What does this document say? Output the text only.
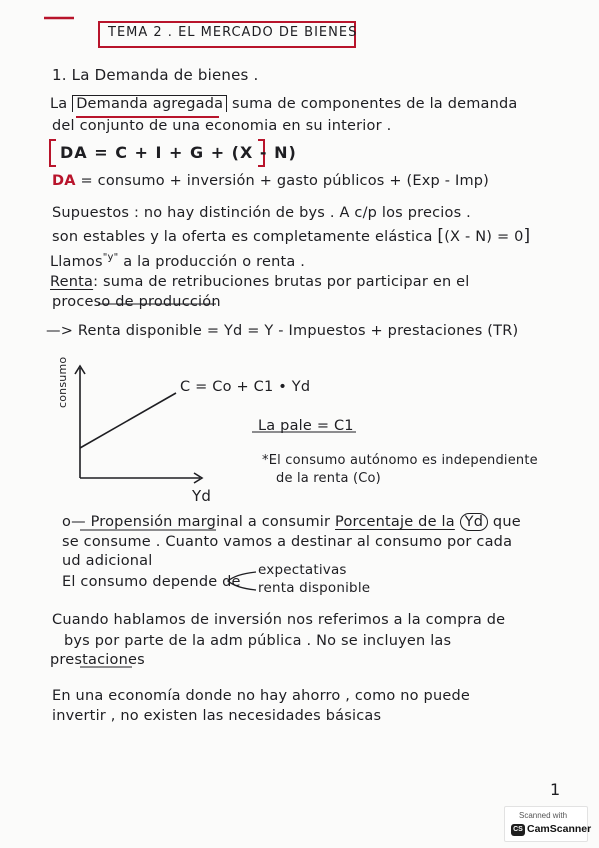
TEMA 2 . EL MERCADO DE BIENES
1. La Demanda de bienes .
La Demanda agregada suma de componentes de la demanda
del conjunto de una economia en su interior .
DA = C + I + G + (X - N)
DA = consumo + inversión + gasto públicos + (Exp - Imp)
Supuestos : no hay distinción de bys . A c/p los precios .
son estables y la oferta es completamente elástica [(X - N) = 0]
Llamos$^{"y"}$ a la producción o renta .
Renta: suma de retribuciones brutas por participar en el
proceso de producción
—> Renta disponible = Yd = Y - Impuestos + prestaciones (TR)
consumo
Yd
C = Co + C1 • Yd
La pale = C1
*El consumo autónomo es independiente
de la renta (Co)
o— Propensión marginal a consumir Porcentaje de la Yd que
se consume . Cuanto vamos a destinar al consumo por cada
ud adicional
El consumo depende de
expectativas
renta disponible
Cuando hablamos de inversión nos referimos a la compra de
bys por parte de la adm pública . No se incluyen las
prestaciones
En una economía donde no hay ahorro , como no puede
invertir , no existen las necesidades básicas
1
Scanned with
CS CamScanner
